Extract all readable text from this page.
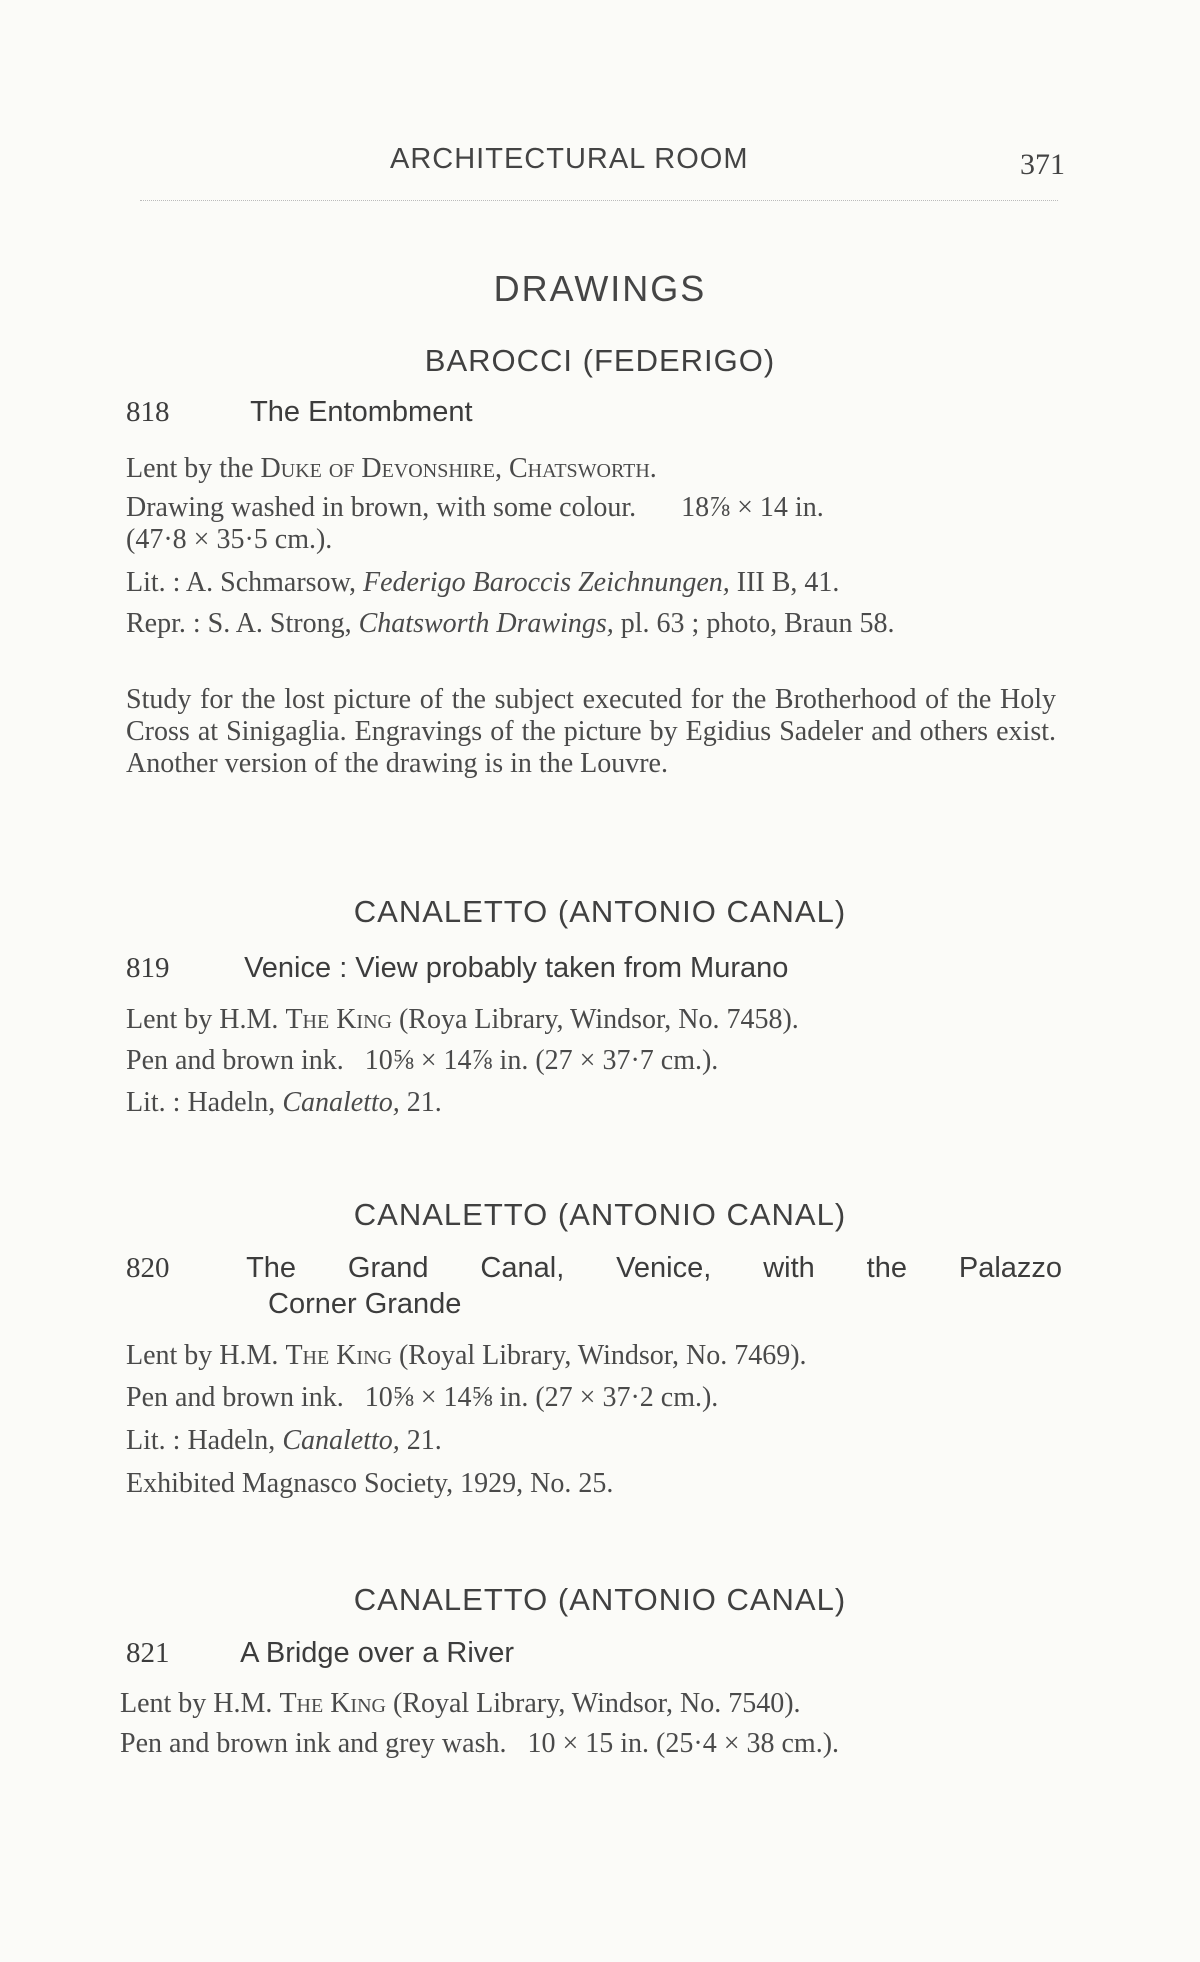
ARCHITECTURAL ROOM	371
DRAWINGS
BAROCCI (FEDERIGO)
818	The Entombment
Lent by the Duke of Devonshire, Chatsworth.
Drawing washed in brown, with some colour. 18⅞ × 14 in.
(47·8 × 35·5 cm.).
Lit. : A. Schmarsow, Federigo Baroccis Zeichnungen, III B, 41.
Repr. : S. A. Strong, Chatsworth Drawings, pl. 63 ; photo, Braun 58.
Study for the lost picture of the subject executed for the Brotherhood of the Holy Cross at Sinigaglia. Engravings of the picture by Egidius Sadeler and others exist. Another version of the drawing is in the Louvre.
CANALETTO (ANTONIO CANAL)
819	Venice : View probably taken from Murano
Lent by H.M. The King (Roya Library, Windsor, No. 7458).
Pen and brown ink. 10⅝ × 14⅞ in. (27 × 37·7 cm.).
Lit. : Hadeln, Canaletto, 21.
CANALETTO (ANTONIO CANAL)
820	The Grand Canal, Venice, with the Palazzo
Corner Grande
Lent by H.M. The King (Royal Library, Windsor, No. 7469).
Pen and brown ink. 10⅝ × 14⅝ in. (27 × 37·2 cm.).
Lit. : Hadeln, Canaletto, 21.
Exhibited Magnasco Society, 1929, No. 25.
CANALETTO (ANTONIO CANAL)
821 A Bridge over a River
Lent by H.M. The King (Royal Library, Windsor, No. 7540).
Pen and brown ink and grey wash. 10 × 15 in. (25·4 × 38 cm.).
